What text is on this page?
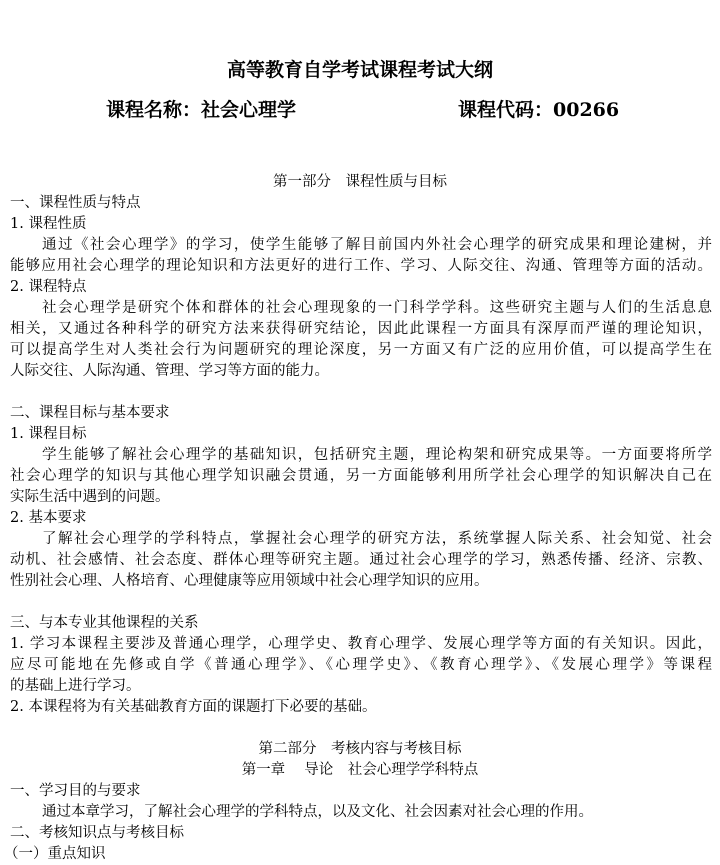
高等教育自学考试课程考试大纲
课程名称：社会心理学	课程代码：00266
第一部分　课程性质与目标
一、课程性质与特点
1. 课程性质
通过《社会心理学》的学习，使学生能够了解目前国内外社会心理学的研究成果和理论建树，并
能够应用社会心理学的理论知识和方法更好的进行工作、学习、人际交往、沟通、管理等方面的活动。
2. 课程特点
社会心理学是研究个体和群体的社会心理现象的一门科学学科。这些研究主题与人们的生活息息
相关，又通过各种科学的研究方法来获得研究结论，因此此课程一方面具有深厚而严谨的理论知识，
可以提高学生对人类社会行为问题研究的理论深度，另一方面又有广泛的应用价值，可以提高学生在
人际交往、人际沟通、管理、学习等方面的能力。
二、课程目标与基本要求
1. 课程目标
学生能够了解社会心理学的基础知识，包括研究主题，理论构架和研究成果等。一方面要将所学
社会心理学的知识与其他心理学知识融会贯通，另一方面能够利用所学社会心理学的知识解决自己在
实际生活中遇到的问题。
2. 基本要求
了解社会心理学的学科特点，掌握社会心理学的研究方法，系统掌握人际关系、社会知觉、社会
动机、社会感情、社会态度、群体心理等研究主题。通过社会心理学的学习，熟悉传播、经济、宗教、
性别社会心理、人格培育、心理健康等应用领域中社会心理学知识的应用。
三、与本专业其他课程的关系
1. 学习本课程主要涉及普通心理学，心理学史、教育心理学、发展心理学等方面的有关知识。因此，
应尽可能地在先修或自学《普通心理学》、《心理学史》、《教育心理学》、《发展心理学》等课程
的基础上进行学习。
2. 本课程将为有关基础教育方面的课题打下必要的基础。
第二部分　考核内容与考核目标
第一章　 导论　社会心理学学科特点
一、学习目的与要求
通过本章学习，了解社会心理学的学科特点，以及文化、社会因素对社会心理的作用。
二、考核知识点与考核目标
（一）重点知识
